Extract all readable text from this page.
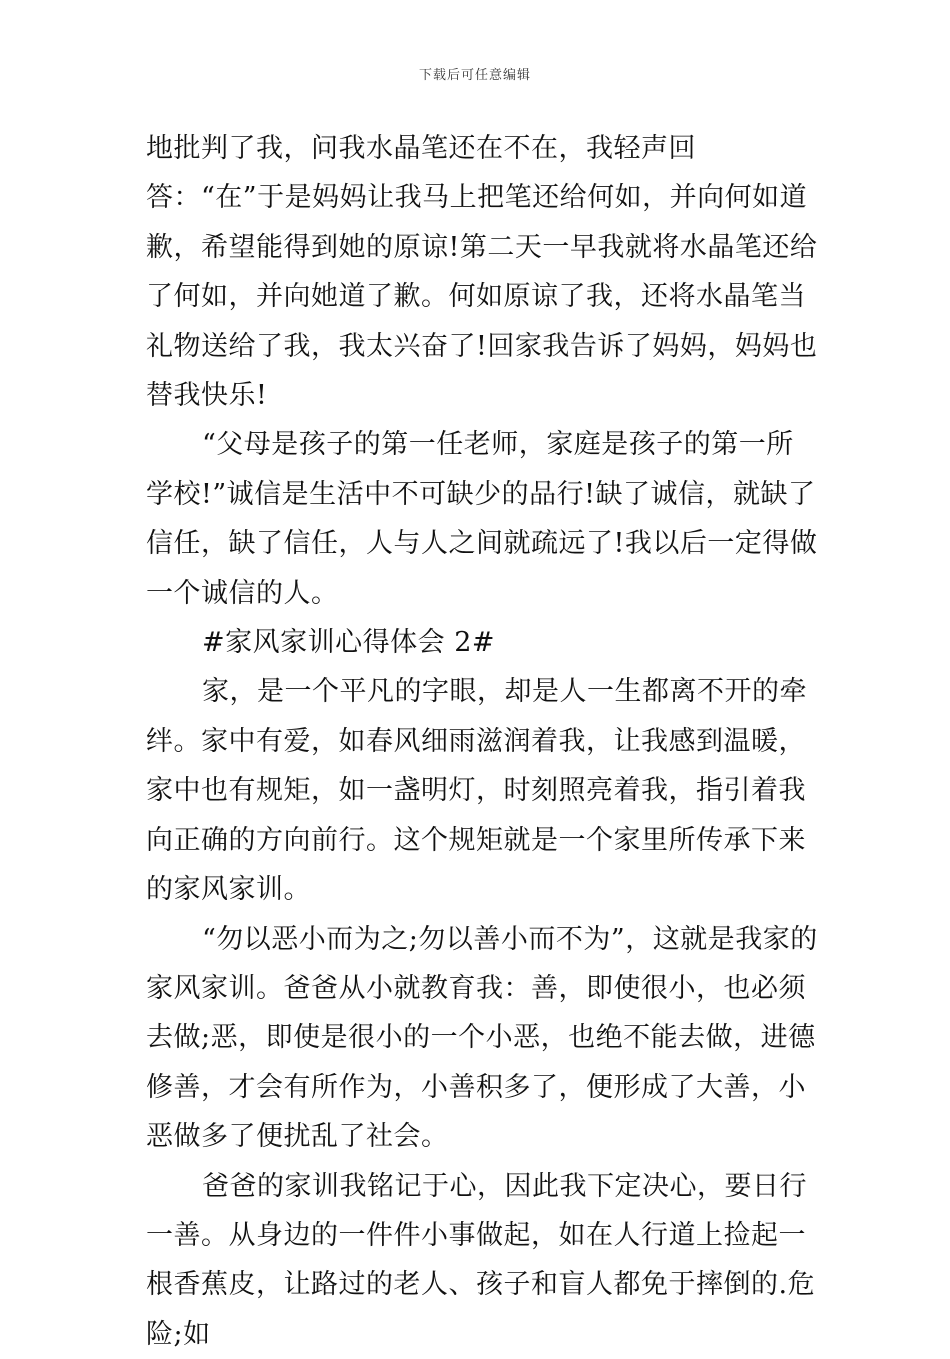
下载后可任意编辑

地批判了我，问我水晶笔还在不在，我轻声回答：“在”于是妈妈让我马上把笔还给何如，并向何如道歉，希望能得到她的原谅!第二天一早我就将水晶笔还给了何如，并向她道了歉。何如原谅了我，还将水晶笔当礼物送给了我，我太兴奋了!回家我告诉了妈妈，妈妈也替我快乐!

“父母是孩子的第一任老师，家庭是孩子的第一所学校!”诚信是生活中不可缺少的品行!缺了诚信，就缺了信任，缺了信任，人与人之间就疏远了!我以后一定得做一个诚信的人。

#家风家训心得体会 2#

家，是一个平凡的字眼，却是人一生都离不开的牵绊。家中有爱，如春风细雨滋润着我，让我感到温暖，家中也有规矩，如一盏明灯，时刻照亮着我，指引着我向正确的方向前行。这个规矩就是一个家里所传承下来的家风家训。

“勿以恶小而为之;勿以善小而不为”，这就是我家的家风家训。爸爸从小就教育我：善，即使很小，也必须去做;恶，即使是很小的一个小恶，也绝不能去做，进德修善，才会有所作为，小善积多了，便形成了大善，小恶做多了便扰乱了社会。

爸爸的家训我铭记于心，因此我下定决心，要日行一善。从身边的一件件小事做起，如在人行道上捡起一根香蕉皮，让路过的老人、孩子和盲人都免于摔倒的.危险;如
